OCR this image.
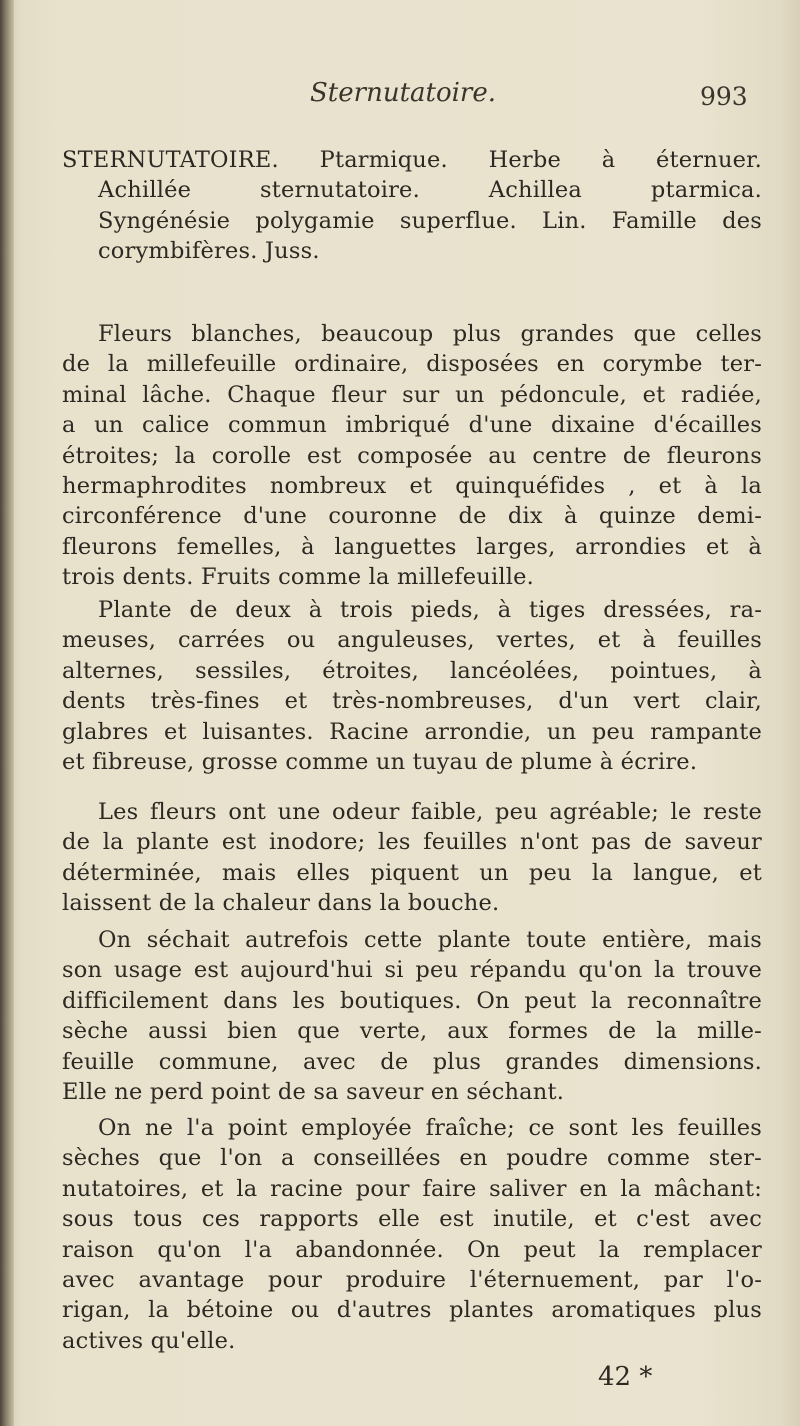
Sternutatoire.	993
STERNUTATOIRE. Ptarmique. Herbe à éternuer.
Achillée sternutatoire. Achillea ptarmica.
Syngénésie polygamie superflue. Lin. Famille des
corymbifères. Juss.
Fleurs blanches, beaucoup plus grandes que celles
de la millefeuille ordinaire, disposées en corymbe ter-
minal lâche. Chaque fleur sur un pédoncule, et radiée,
a un calice commun imbriqué d'une dixaine d'écailles
étroites; la corolle est composée au centre de fleurons
hermaphrodites nombreux et quinquéfides , et à la
circonférence d'une couronne de dix à quinze demi-
fleurons femelles, à languettes larges, arrondies et à
trois dents. Fruits comme la millefeuille.
Plante de deux à trois pieds, à tiges dressées, ra-
meuses, carrées ou anguleuses, vertes, et à feuilles
alternes, sessiles, étroites, lancéolées, pointues, à
dents très-fines et très-nombreuses, d'un vert clair,
glabres et luisantes. Racine arrondie, un peu rampante
et fibreuse, grosse comme un tuyau de plume à écrire.
Les fleurs ont une odeur faible, peu agréable; le reste
de la plante est inodore; les feuilles n'ont pas de saveur
déterminée, mais elles piquent un peu la langue, et
laissent de la chaleur dans la bouche.
On séchait autrefois cette plante toute entière, mais
son usage est aujourd'hui si peu répandu qu'on la trouve
difficilement dans les boutiques. On peut la reconnaître
sèche aussi bien que verte, aux formes de la mille-
feuille commune, avec de plus grandes dimensions.
Elle ne perd point de sa saveur en séchant.
On ne l'a point employée fraîche; ce sont les feuilles
sèches que l'on a conseillées en poudre comme ster-
nutatoires, et la racine pour faire saliver en la mâchant:
sous tous ces rapports elle est inutile, et c'est avec
raison qu'on l'a abandonnée. On peut la remplacer
avec avantage pour produire l'éternuement, par l'o-
rigan, la bétoine ou d'autres plantes aromatiques plus
actives qu'elle.
42 *
